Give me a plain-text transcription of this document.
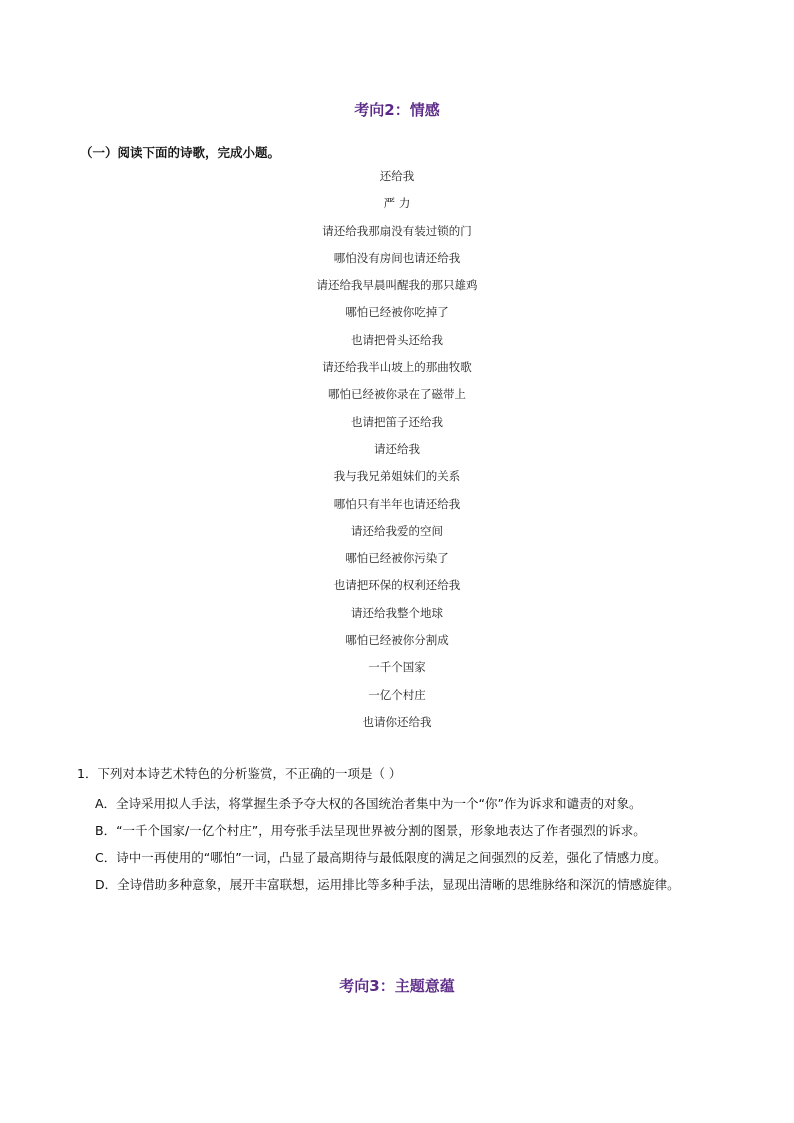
考向2：情感
（一）阅读下面的诗歌，完成小题。
还给我
严 力
请还给我那扇没有装过锁的门
哪怕没有房间也请还给我
请还给我早晨叫醒我的那只雄鸡
哪怕已经被你吃掉了
也请把骨头还给我
请还给我半山坡上的那曲牧歌
哪怕已经被你录在了磁带上
也请把笛子还给我
请还给我
我与我兄弟姐妹们的关系
哪怕只有半年也请还给我
请还给我爱的空间
哪怕已经被你污染了
也请把环保的权利还给我
请还给我整个地球
哪怕已经被你分割成
一千个国家
一亿个村庄
也请你还给我

1．下列对本诗艺术特色的分析鉴赏，不正确的一项是（ ）

A．全诗采用拟人手法，将掌握生杀予夺大权的各国统治者集中为一个“你”作为诉求和谴责的对象。
B．“一千个国家/一亿个村庄”，用夸张手法呈现世界被分割的图景，形象地表达了作者强烈的诉求。
C．诗中一再使用的“哪怕”一词，凸显了最高期待与最低限度的满足之间强烈的反差，强化了情感力度。
D．全诗借助多种意象，展开丰富联想，运用排比等多种手法，显现出清晰的思维脉络和深沉的情感旋律。
考向3：主题意蕴
